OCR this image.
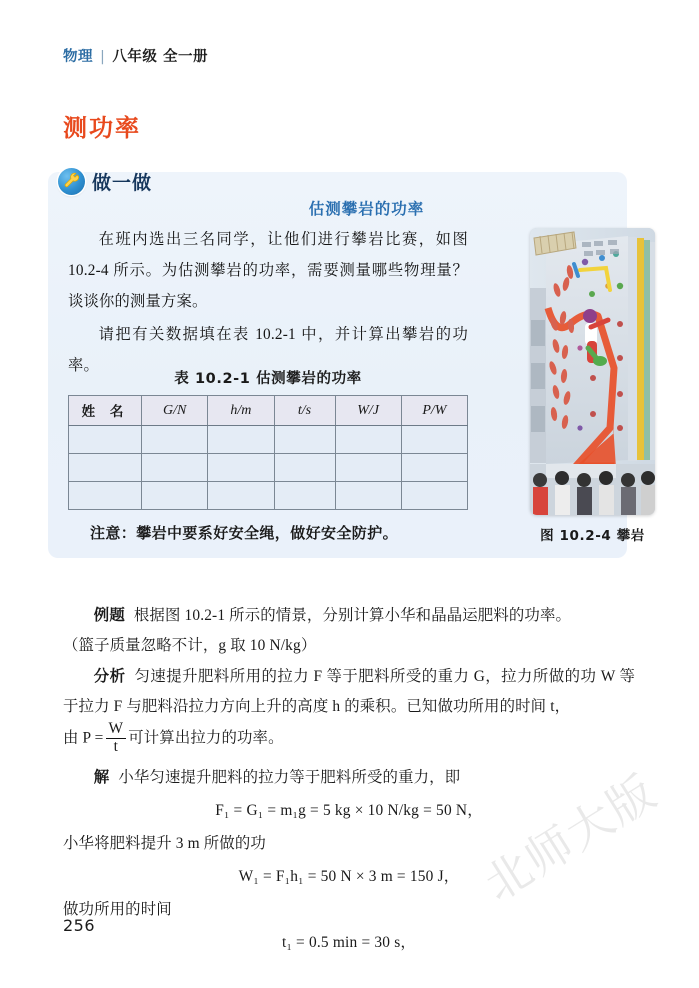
物理 | 八年级 全一册
测功率
做一做
估测攀岩的功率

在班内选出三名同学，让他们进行攀岩比赛，如图 10.2-4 所示。为估测攀岩的功率，需要测量哪些物理量？谈谈你的测量方案。

请把有关数据填在表 10.2-1 中，并计算出攀岩的功率。

表 10.2-1 估测攀岩的功率
姓 名	G/N	h/m	t/s	W/J	P/W

注意：攀岩中要系好安全绳，做好安全防护。	图 10.2-4 攀岩

例题 根据图 10.2-1 所示的情景，分别计算小华和晶晶运肥料的功率。

（篮子质量忽略不计，g 取 10 N/kg）

分析 匀速提升肥料所用的拉力 F 等于肥料所受的重力 G，拉力所做的功 W 等于拉力 F 与肥料沿拉力方向上升的高度 h 的乘积。已知做功所用的时间 t，

由 $P = \frac{W}{t}$ 可计算出拉力的功率。

解 小华匀速提升肥料的拉力等于肥料所受的重力，即

F₁ = G₁ = m₁g = 5 kg × 10 N/kg = 50 N，

小华将肥料提升 3 m 所做的功

W₁ = F₁h₁ = 50 N × 3 m = 150 J，

做功所用的时间

t₁ = 0.5 min = 30 s，
北师大版
256
